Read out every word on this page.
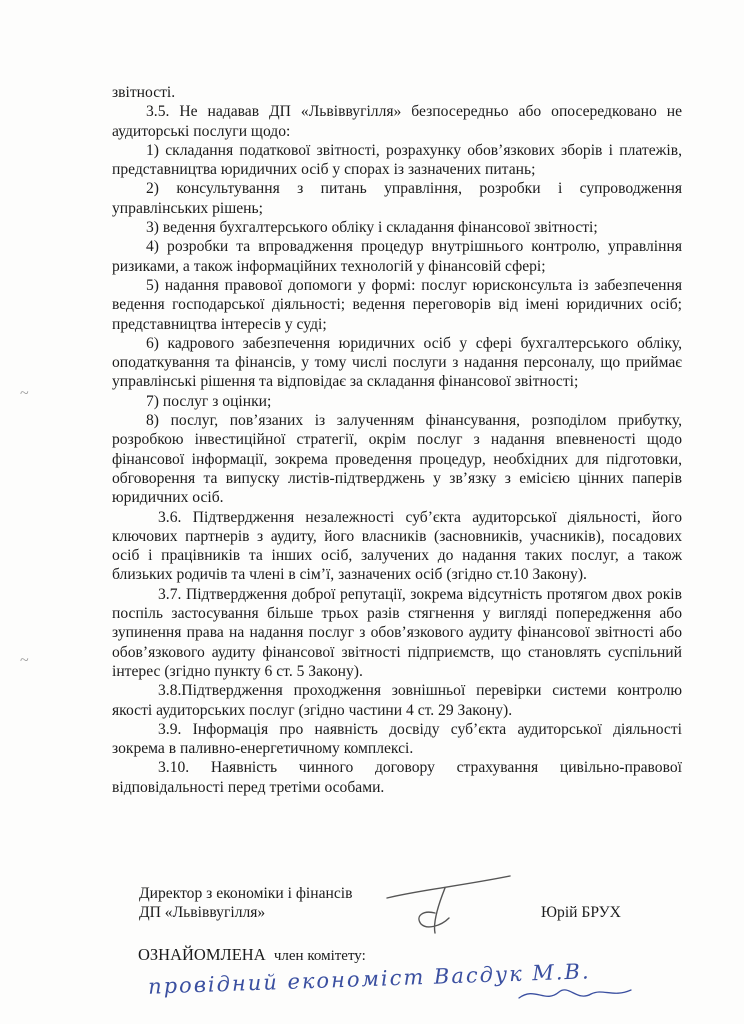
звітності.

3.5. Не надавав ДП «Львіввугілля» безпосередньо або опосередковано не аудиторські послуги щодо:

1) складання податкової звітності, розрахунку обов’язкових зборів і платежів, представництва юридичних осіб у спорах із зазначених питань;

2) консультування з питань управління, розробки і супроводження управлінських рішень;

3) ведення бухгалтерського обліку і складання фінансової звітності;

4) розробки та впровадження процедур внутрішнього контролю, управління ризиками, а також інформаційних технологій у фінансовій сфері;

5) надання правової допомоги у формі: послуг юрисконсульта із забезпечення ведення господарської діяльності; ведення переговорів від імені юридичних осіб; представництва інтересів у суді;

6) кадрового забезпечення юридичних осіб у сфері бухгалтерського обліку, оподаткування та фінансів, у тому числі послуги з надання персоналу, що приймає управлінські рішення та відповідає за складання фінансової звітності;

7) послуг з оцінки;

8) послуг, пов’язаних із залученням фінансування, розподілом прибутку, розробкою інвестиційної стратегії, окрім послуг з надання впевненості щодо фінансової інформації, зокрема проведення процедур, необхідних для підготовки, обговорення та випуску листів-підтверджень у зв’язку з емісією цінних паперів юридичних осіб.

3.6. Підтвердження незалежності суб’єкта аудиторської діяльності, його ключових партнерів з аудиту, його власників (засновників, учасників), посадових осіб і працівників та інших осіб, залучених до надання таких послуг, а також близьких родичів та члені в сім’ї, зазначених осіб (згідно ст.10 Закону).

3.7. Підтвердження доброї репутації, зокрема відсутність протягом двох років поспіль застосування більше трьох разів стягнення у вигляді попередження або зупинення права на надання послуг з обов’язкового аудиту фінансової звітності або обов’язкового аудиту фінансової звітності підприємств, що становлять суспільний інтерес (згідно пункту 6 ст. 5 Закону).

3.8.Підтвердження проходження зовнішньої перевірки системи контролю якості аудиторських послуг (згідно частини 4 ст. 29 Закону).

3.9. Інформація про наявність досвіду суб’єкта аудиторської діяльності зокрема в паливно-енергетичному комплексі.

3.10. Наявність чинного договору страхування цивільно-правової відповідальності перед третіми особами.

Директор з економіки і фінансів
ДП «Львіввугілля»	Юрій БРУХ
ОЗНАЙОМЛЕНА член комітету:
провідний економіст Васдук М.В.
~
~
